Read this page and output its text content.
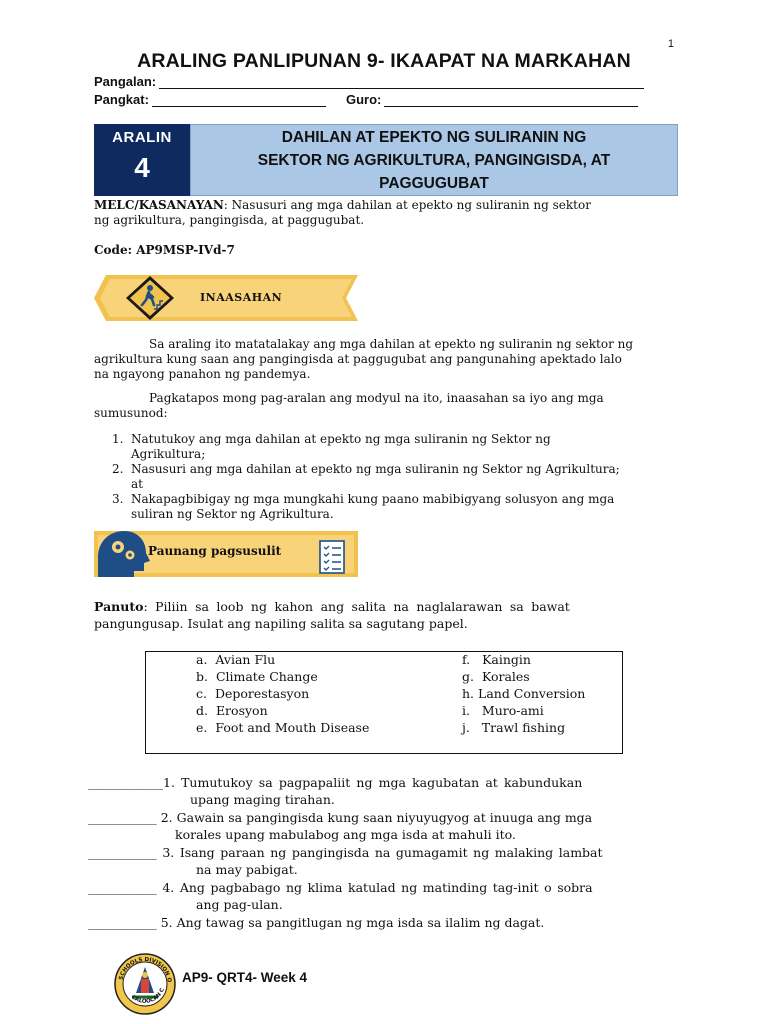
1
ARALING PANLIPUNAN 9- IKAAPAT NA MARKAHAN
Pangalan:
Pangkat:	Guro:
ARALIN
4
DAHILAN AT EPEKTO NG SULIRANIN NG
SEKTOR NG AGRIKULTURA, PANGINGISDA, AT
PAGGUGUBAT
MELC/KASANAYAN: Nasusuri ang mga dahilan at epekto ng suliranin ng sektor
ng agrikultura, pangingisda, at paggugubat.
Code: AP9MSP-IVd-7
INAASAHAN
Sa araling ito matatalakay ang mga dahilan at epekto ng suliranin ng sektor ng
agrikultura kung saan ang pangingisda at paggugubat ang pangunahing apektado lalo
na ngayong panahon ng pandemya.
Pagkatapos mong pag-aralan ang modyul na ito, inaasahan sa iyo ang mga
sumusunod:
1. Natutukoy ang mga dahilan at epekto ng mga suliranin ng Sektor ng
Agrikultura;
2. Nasusuri ang mga dahilan at epekto ng mga suliranin ng Sektor ng Agrikultura;
at
3. Nakapagbibigay ng mga mungkahi kung paano mabibigyang solusyon ang mga
suliran ng Sektor ng Agrikultura.
Paunang pagsusulit
Panuto: Piliin sa loob ng kahon ang salita na naglalarawan sa bawat
pangungusap. Isulat ang napiling salita sa sagutang papel.
a. Avian Flu
b. Climate Change
c. Deporestasyon
d. Erosyon
e. Foot and Mouth Disease
f. Kaingin
g. Korales
h. Land Conversion
i. Muro-ami
j. Trawl fishing
____________1. Tumutukoy sa pagpapaliit ng mga kagubatan at kabundukan
upang maging tirahan.
___________ 2. Gawain sa pangingisda kung saan niyuyugyog at inuuga ang mga
korales upang mabulabog ang mga isda at mahuli ito.
___________ 3. Isang paraan ng pangingisda na gumagamit ng malaking lambat
na may pabigat.
___________ 4. Ang pagbabago ng klima katulad ng matinding tag-init o sobra
ang pag-ulan.
___________ 5. Ang tawag sa pangitlugan ng mga isda sa ilalim ng dagat.
SCHOOLS DIVISION O
CALOOCAN C
AP9- QRT4- Week 4
